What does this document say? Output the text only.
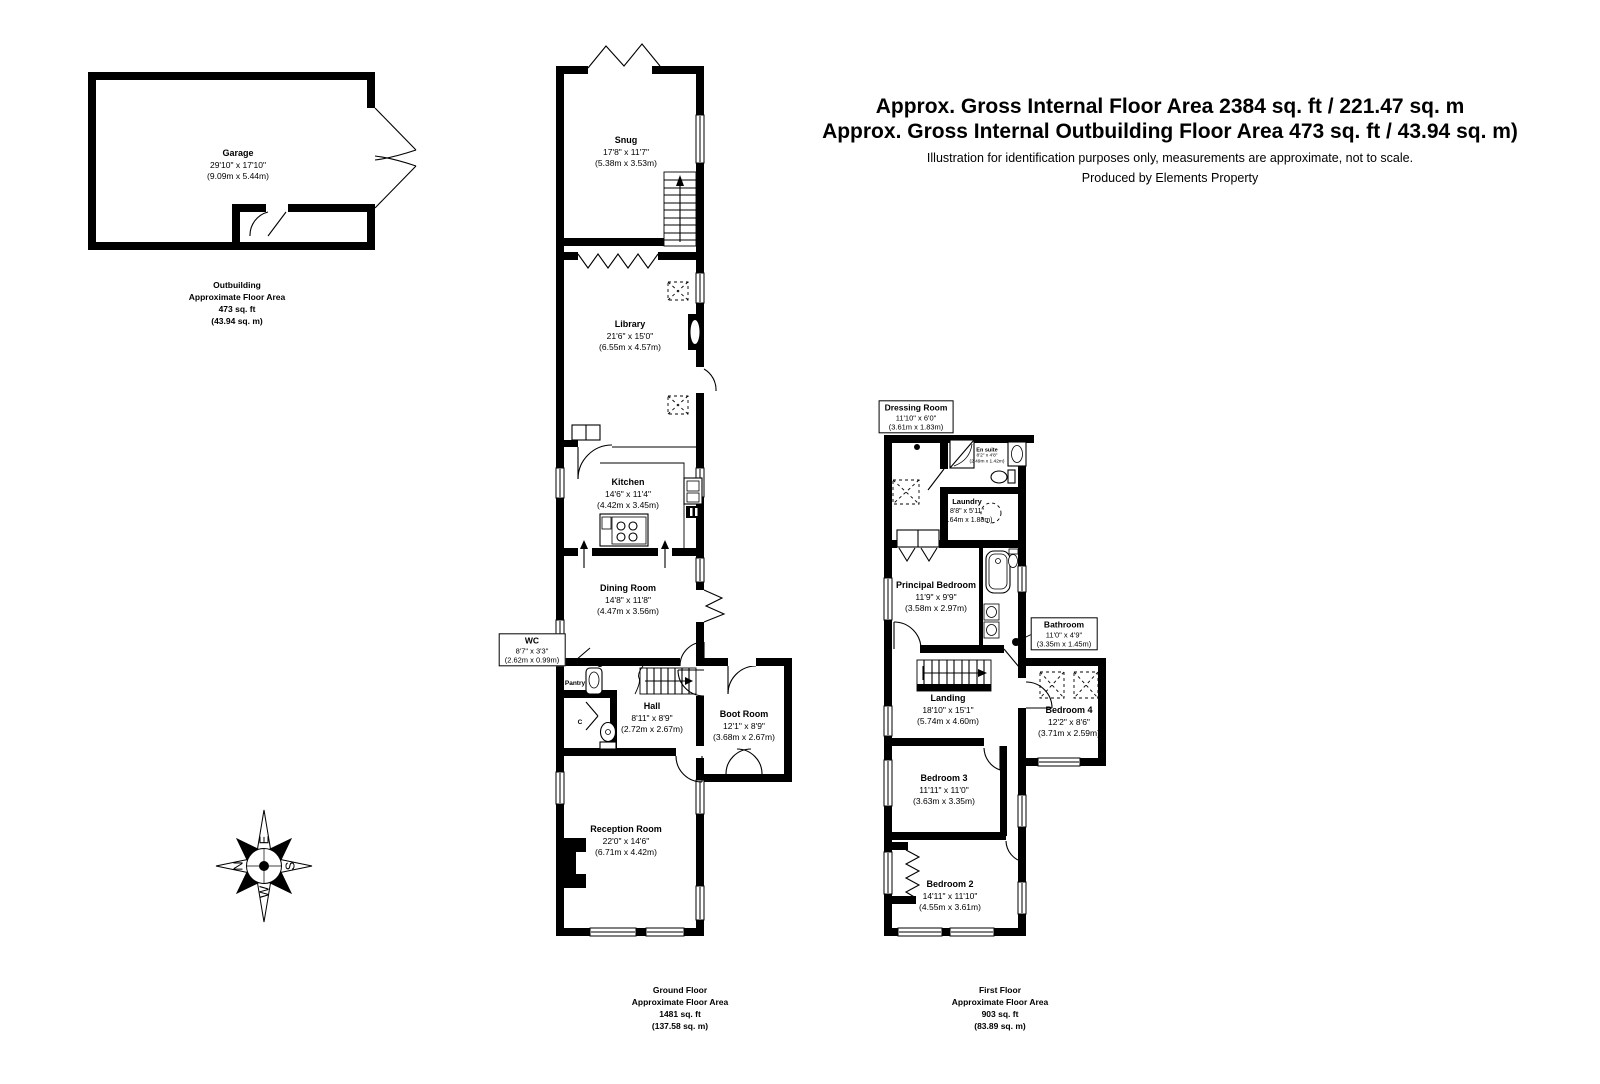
E
N	S
W
Approx. Gross Internal Floor Area 2384 sq. ft / 221.47 sq. m
Approx. Gross Internal Outbuilding Floor Area 473 sq. ft / 43.94 sq. m)
Illustration for identification purposes only, measurements are approximate, not to scale.
Produced by Elements Property
Garage
29'10" x 17'10"
(9.09m x 5.44m)
Outbuilding
Approximate Floor Area
473 sq. ft
(43.94 sq. m)
Snug
17'8" x 11'7"
(5.38m x 3.53m)
Library
21'6" x 15'0"
(6.55m x 4.57m)
Kitchen
14'6" x 11'4"
(4.42m x 3.45m)
Dining Room
14'8" x 11'8"
(4.47m x 3.56m)
WC
8'7" x 3'3"
(2.62m x 0.99m)
Pantry
Hall
8'11" x 8'9"
(2.72m x 2.67m)
C
Boot Room
12'1" x 8'9"
(3.68m x 2.67m)
Reception Room
22'0" x 14'6"
(6.71m x 4.42m)
Ground Floor
Approximate Floor Area
1481 sq. ft
(137.58 sq. m)
Dressing Room
11'10" x 6'0"
(3.61m x 1.83m)
En suite
8'2" x 4'8"
(2.49m x 1.42m)
Laundry
8'8" x 5'11"
(2.64m x 1.88m)
Principal Bedroom
11'9" x 9'9"
(3.58m x 2.97m)
Bathroom
11'0" x 4'9"
(3.35m x 1.45m)
Landing
18'10" x 15'1"
(5.74m x 4.60m)
Bedroom 4
12'2" x 8'6"
(3.71m x 2.59m)
Bedroom 3
11'11" x 11'0"
(3.63m x 3.35m)
Bedroom 2
14'11" x 11'10"
(4.55m x 3.61m)
First Floor
Approximate Floor Area
903 sq. ft
(83.89 sq. m)
